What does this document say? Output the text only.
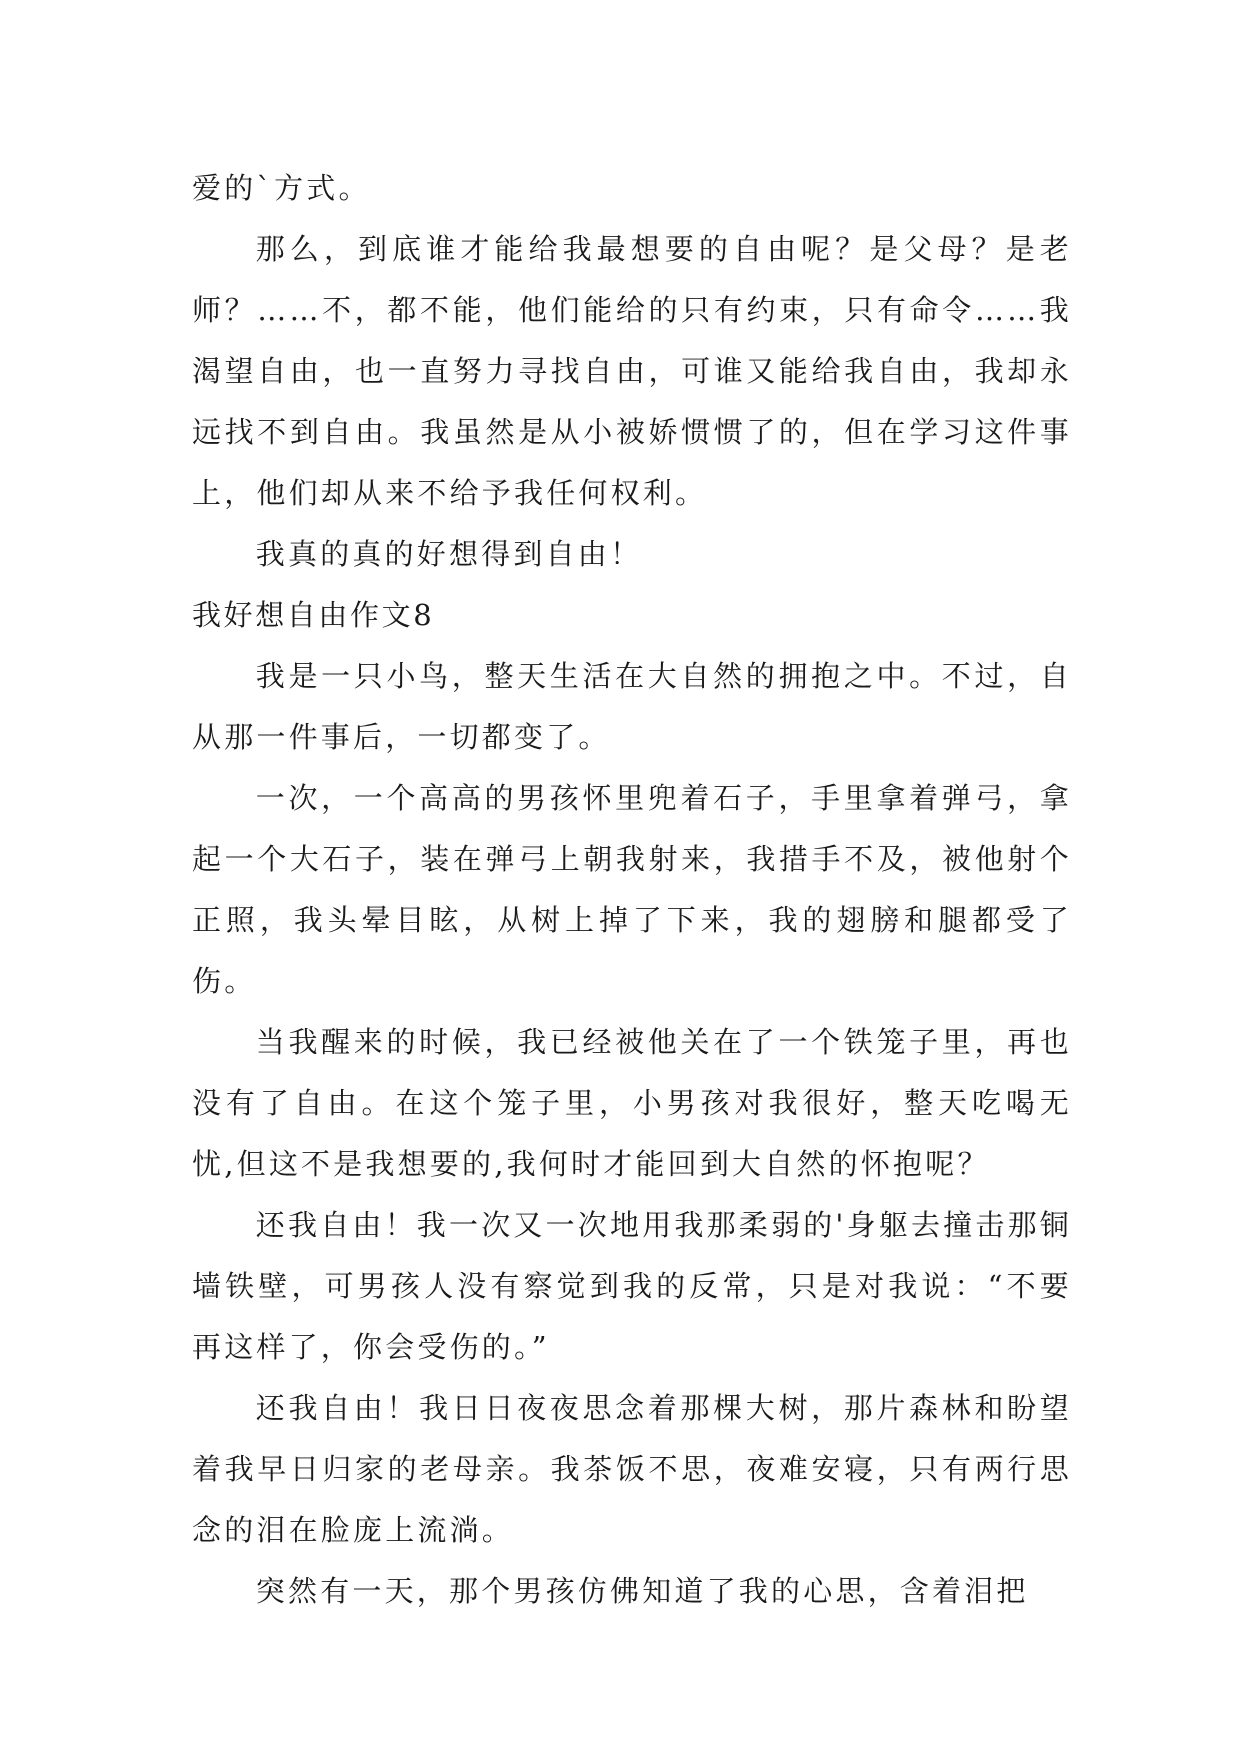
爱的`方式。

那么，到底谁才能给我最想要的自由呢？是父母？是老师？……不，都不能，他们能给的只有约束，只有命令……我渴望自由，也一直努力寻找自由，可谁又能给我自由，我却永远找不到自由。我虽然是从小被娇惯惯了的，但在学习这件事上，他们却从来不给予我任何权利。

我真的真的好想得到自由！

我好想自由作文8

我是一只小鸟，整天生活在大自然的拥抱之中。不过，自从那一件事后，一切都变了。

一次，一个高高的男孩怀里兜着石子，手里拿着弹弓，拿起一个大石子，装在弹弓上朝我射来，我措手不及，被他射个正照，我头晕目眩，从树上掉了下来，我的翅膀和腿都受了伤。

当我醒来的时候，我已经被他关在了一个铁笼子里，再也没有了自由。在这个笼子里，小男孩对我很好，整天吃喝无忧,但这不是我想要的,我何时才能回到大自然的怀抱呢？

还我自由！我一次又一次地用我那柔弱的'身躯去撞击那铜墙铁壁，可男孩人没有察觉到我的反常，只是对我说：“不要再这样了，你会受伤的。”

还我自由！我日日夜夜思念着那棵大树，那片森林和盼望着我早日归家的老母亲。我茶饭不思，夜难安寝，只有两行思念的泪在脸庞上流淌。

突然有一天，那个男孩仿佛知道了我的心思，含着泪把
